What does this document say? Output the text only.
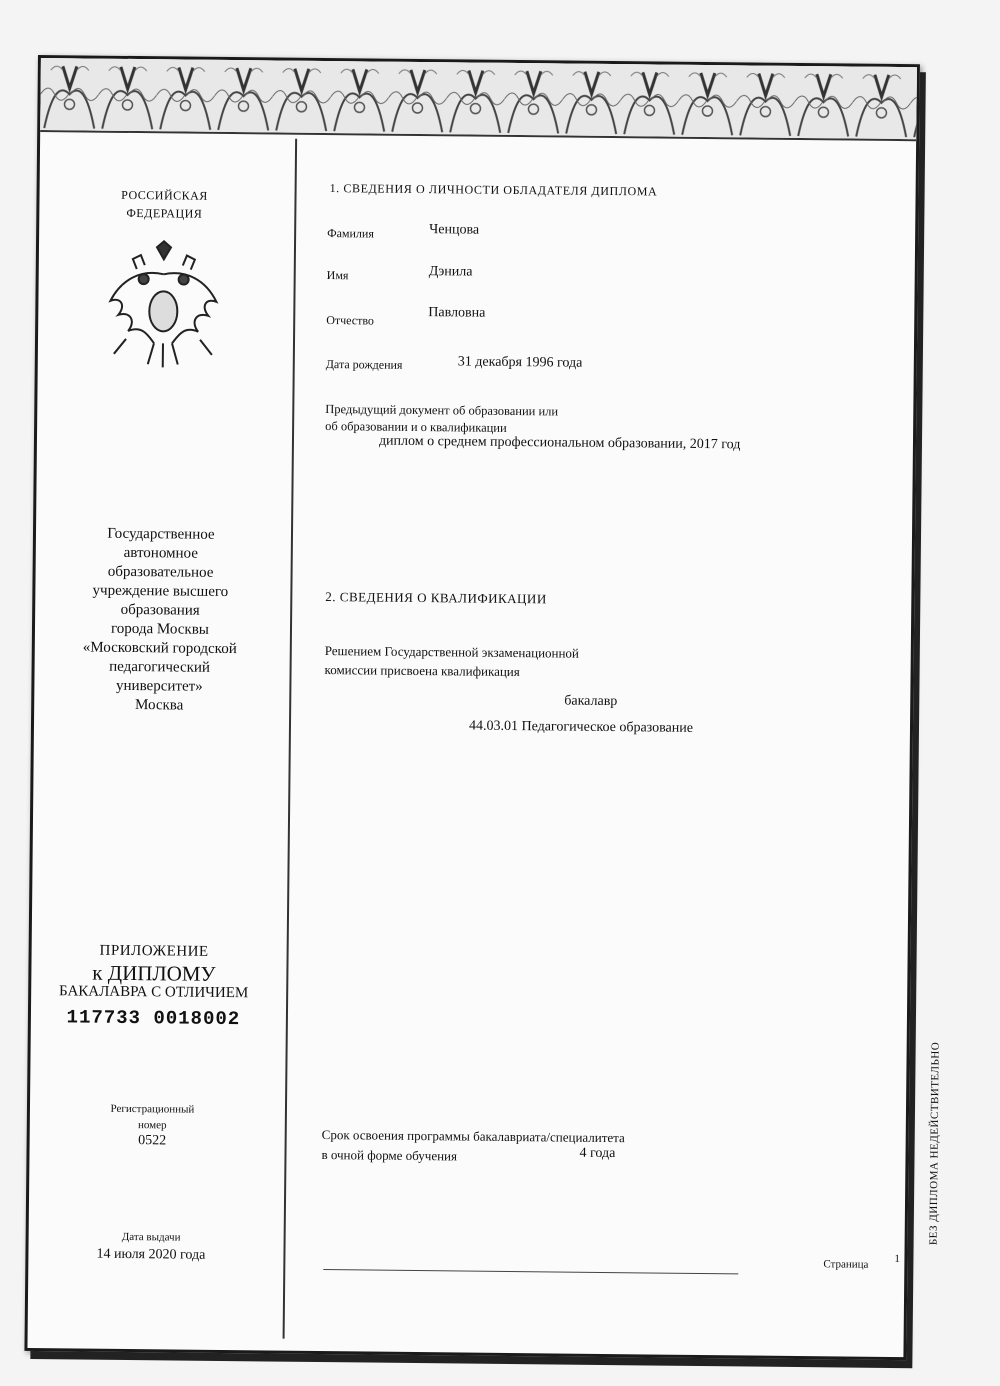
РОССИЙСКАЯ
ФЕДЕРАЦИЯ
Государственное
автономное
образовательное
учреждение высшего
образования
города Москвы
«Московский городской
педагогический
университет»
Москва
ПРИЛОЖЕНИЕ
к ДИПЛОМУ
БАКАЛАВРА С ОТЛИЧИЕМ
117733 0018002
Регистрационный
номер
0522
Дата выдачи
14 июля 2020 года
1. СВЕДЕНИЯ О ЛИЧНОСТИ ОБЛАДАТЕЛЯ ДИПЛОМА
Фамилия	Ченцова
Имя	Дэнила
Отчество	Павловна
Дата рождения	31 декабря 1996 года
Предыдущий документ об образовании или
об образовании и о квалификации
диплом о среднем профессиональном образовании, 2017 год
2. СВЕДЕНИЯ О КВАЛИФИКАЦИИ
Решением Государственной экзаменационной
комиссии присвоена квалификация
бакалавр
44.03.01 Педагогическое образование
Срок освоения программы бакалавриата/специалитета
в очной форме обучения	4 года
Страница 1
БЕЗ ДИПЛОМА НЕДЕЙСТВИТЕЛЬНО
